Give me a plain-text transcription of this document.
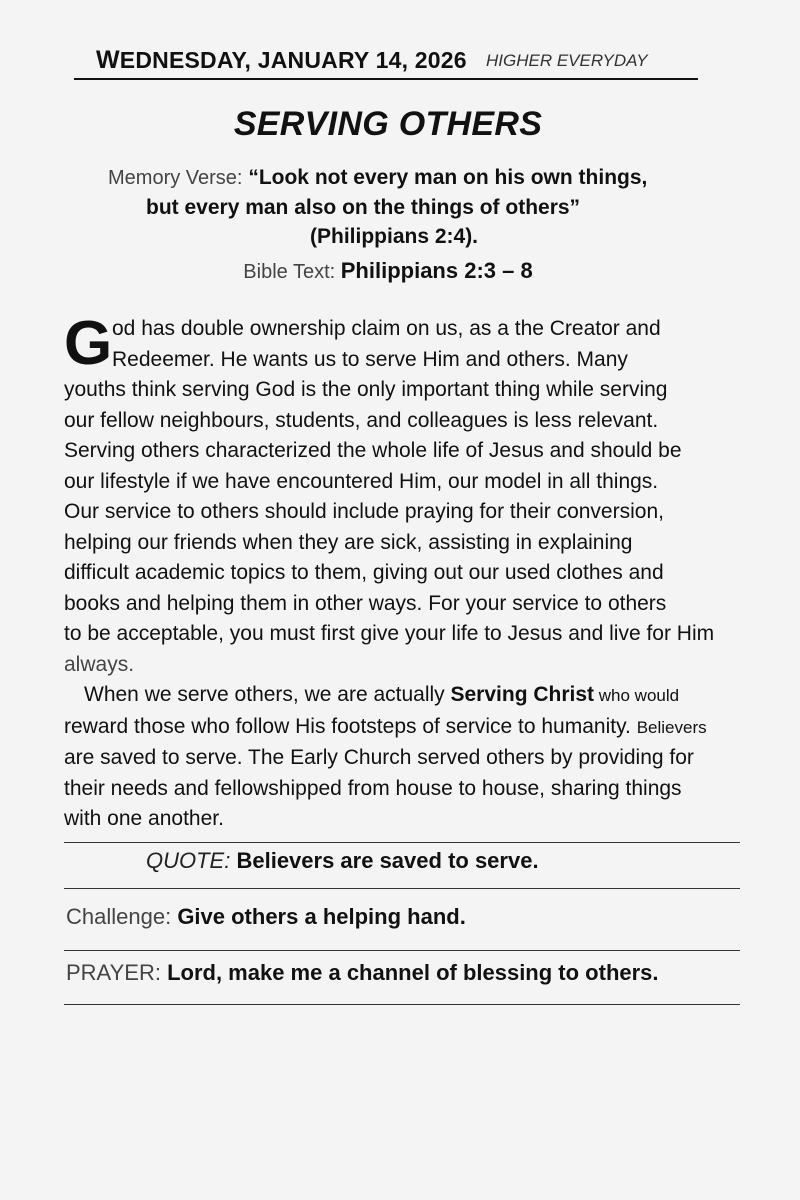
WEDNESDAY, JANUARY 14, 2026 HIGHER EVERYDAY
SERVING OTHERS
Memory Verse: “Look not every man on his own things,
but every man also on the things of others”
(Philippians 2:4).
Bible Text: Philippians 2:3 – 8
G od has double ownership claim on us, as a the Creator and
Redeemer. He wants us to serve Him and others. Many
youths think serving God is the only important thing while serving
our fellow neighbours, students, and colleagues is less relevant.
Serving others characterized the whole life of Jesus and should be
our lifestyle if we have encountered Him, our model in all things.
Our service to others should include praying for their conversion,
helping our friends when they are sick, assisting in explaining
difficult academic topics to them, giving out our used clothes and
books and helping them in other ways. For your service to others
to be acceptable, you must first give your life to Jesus and live for Him
always.
When we serve others, we are actually Serving Christ who would
reward those who follow His footsteps of service to humanity. Believers
are saved to serve. The Early Church served others by providing for
their needs and fellowshipped from house to house, sharing things
with one another.
QUOTE: Believers are saved to serve.
Challenge: Give others a helping hand.
PRAYER: Lord, make me a channel of blessing to others.
